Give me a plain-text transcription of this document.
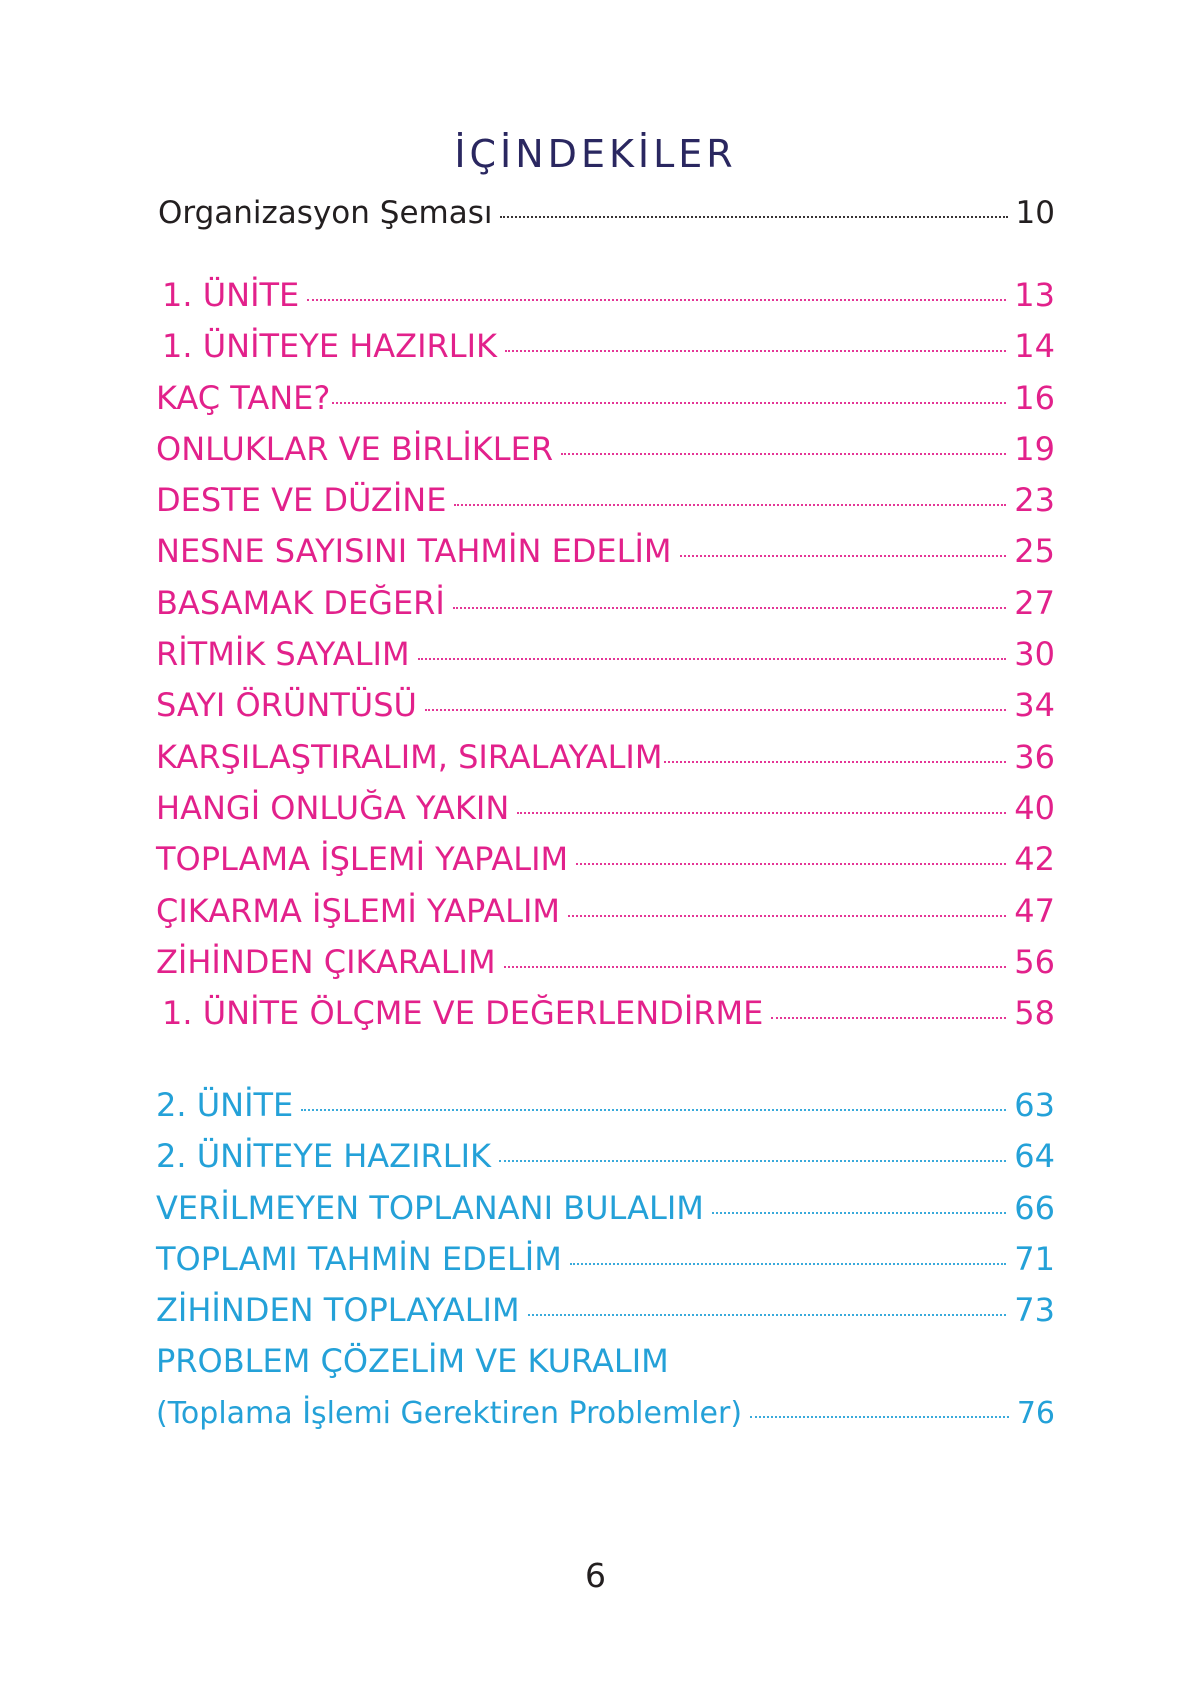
İÇİNDEKİLER
Organizasyon Şeması	10
1. ÜNİTE	13
1. ÜNİTEYE HAZIRLIK	14
KAÇ TANE?	16
ONLUKLAR VE BİRLİKLER	19
DESTE VE DÜZİNE	23
NESNE SAYISINI TAHMİN EDELİM	25
BASAMAK DEĞERİ	27
RİTMİK SAYALIM	30
SAYI ÖRÜNTÜSÜ	34
KARŞILAŞTIRALIM, SIRALAYALIM	36
HANGİ ONLUĞA YAKIN	40
TOPLAMA İŞLEMİ YAPALIM	42
ÇIKARMA İŞLEMİ YAPALIM	47
ZİHİNDEN ÇIKARALIM	56
1. ÜNİTE ÖLÇME VE DEĞERLENDİRME	58
2. ÜNİTE	63
2. ÜNİTEYE HAZIRLIK	64
VERİLMEYEN TOPLANANI BULALIM	66
TOPLAMI TAHMİN EDELİM	71
ZİHİNDEN TOPLAYALIM	73
PROBLEM ÇÖZELİM VE KURALIM
(Toplama İşlemi Gerektiren Problemler)	76
6
